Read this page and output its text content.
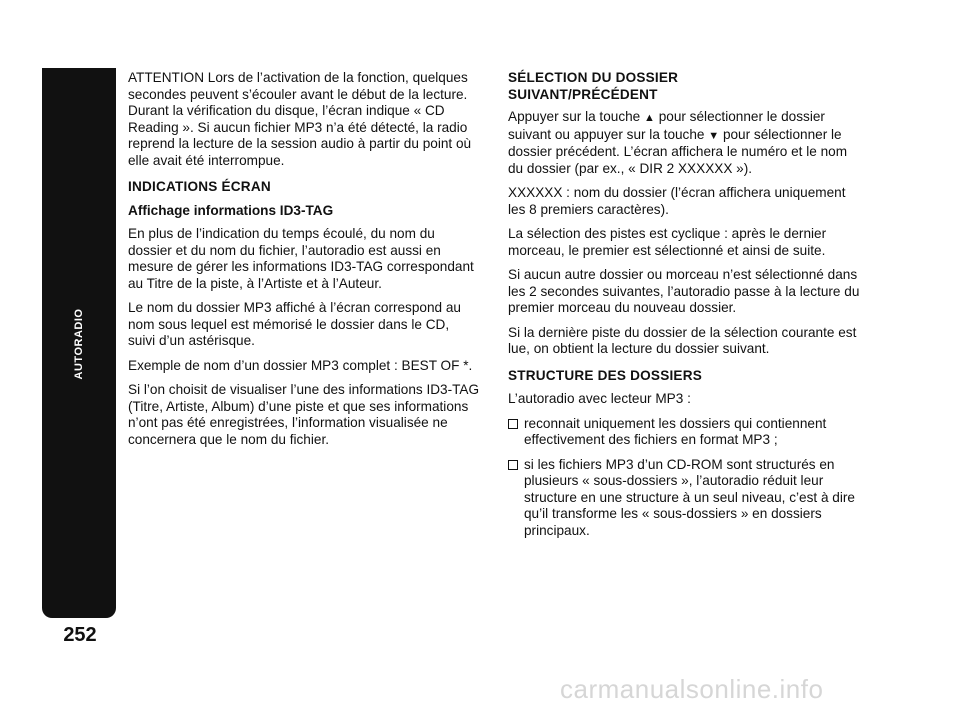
AUTORADIO
252

ATTENTION Lors de l’activation de la fonction, quelques secondes peuvent s’écouler avant le début de la lecture. Durant la vérification du disque, l’écran indique « CD Reading ». Si aucun fichier MP3 n’a été détecté, la radio reprend la lecture de la session audio à partir du point où elle avait été interrompue.

INDICATIONS ÉCRAN

Affichage informations ID3-TAG

En plus de l’indication du temps écoulé, du nom du dossier et du nom du fichier, l’autoradio est aussi en mesure de gérer les informations ID3-TAG correspondant au Titre de la piste, à l’Artiste et à l’Auteur.

Le nom du dossier MP3 affiché à l’écran correspond au nom sous lequel est mémorisé le dossier dans le CD, suivi d’un astérisque.

Exemple de nom d’un dossier MP3 complet : BEST OF *.

Si l’on choisit de visualiser l’une des informations ID3-TAG (Titre, Artiste, Album) d’une piste et que ses informations n’ont pas été enregistrées, l’information visualisée ne concernera que le nom du fichier.

SÉLECTION DU DOSSIER
SUIVANT/PRÉCÉDENT

Appuyer sur la touche ▲ pour sélectionner le dossier suivant ou appuyer sur la touche ▼ pour sélectionner le dossier précédent. L’écran affichera le numéro et le nom du dossier (par ex., « DIR 2 XXXXXX »).

XXXXXX : nom du dossier (l’écran affichera uniquement les 8 premiers caractères).

La sélection des pistes est cyclique : après le dernier morceau, le premier est sélectionné et ainsi de suite.

Si aucun autre dossier ou morceau n’est sélectionné dans les 2 secondes suivantes, l’autoradio passe à la lecture du premier morceau du nouveau dossier.

Si la dernière piste du dossier de la sélection courante est lue, on obtient la lecture du dossier suivant.

STRUCTURE DES DOSSIERS

L’autoradio avec lecteur MP3 :

reconnait uniquement les dossiers qui contiennent effectivement des fichiers en format MP3 ;
si les fichiers MP3 d’un CD-ROM sont structurés en plusieurs « sous-dossiers », l’autoradio réduit leur structure en une structure à un seul niveau, c’est à dire qu’il transforme les « sous-dossiers » en dossiers principaux.
carmanualsonline.info
